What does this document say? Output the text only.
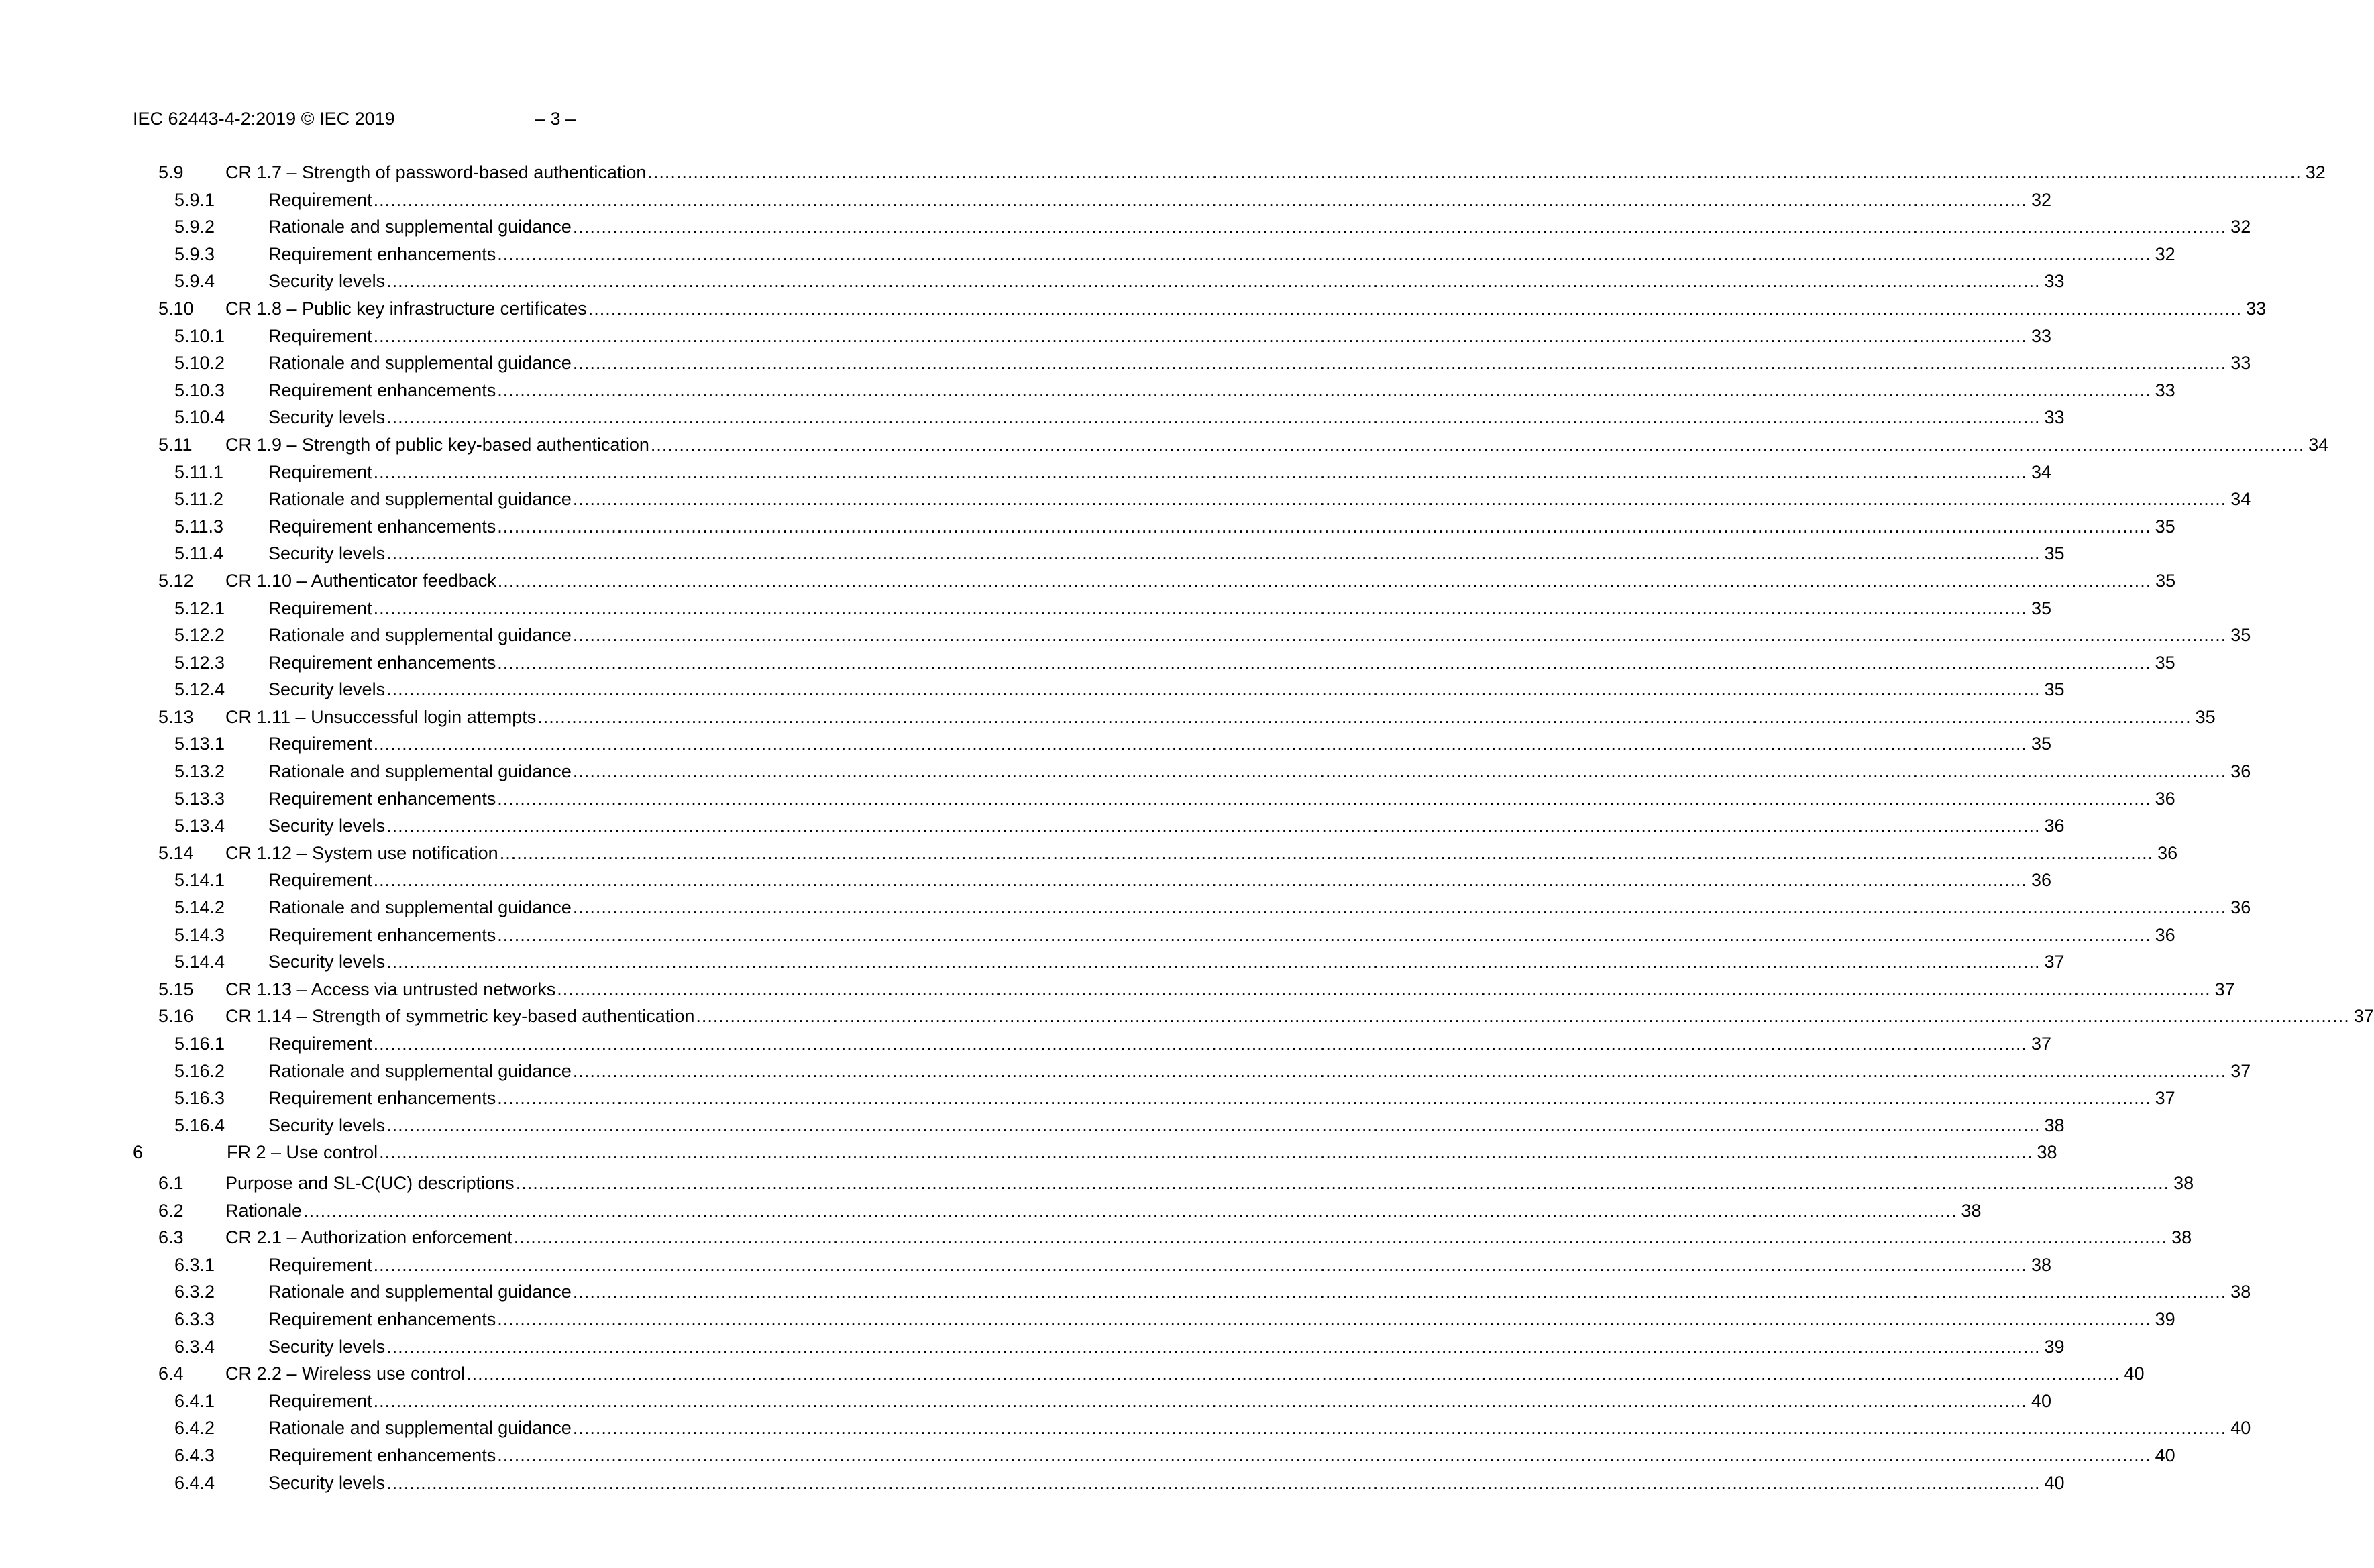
IEC 62443-4-2:2019 © IEC 2019	– 3 –
5.9	CR 1.7 – Strength of password-based authentication .....	32
5.9.1	Requirement .....	32
5.9.2	Rationale and supplemental guidance .....	32
5.9.3	Requirement enhancements .....	32
5.9.4	Security levels .....	33
5.10	CR 1.8 – Public key infrastructure certificates .....	33
5.10.1	Requirement .....	33
5.10.2	Rationale and supplemental guidance .....	33
5.10.3	Requirement enhancements .....	33
5.10.4	Security levels .....	33
5.11	CR 1.9 – Strength of public key-based authentication .....	34
5.11.1	Requirement .....	34
5.11.2	Rationale and supplemental guidance .....	34
5.11.3	Requirement enhancements .....	35
5.11.4	Security levels .....	35
5.12	CR 1.10 – Authenticator feedback .....	35
5.12.1	Requirement .....	35
5.12.2	Rationale and supplemental guidance .....	35
5.12.3	Requirement enhancements .....	35
5.12.4	Security levels .....	35
5.13	CR 1.11 – Unsuccessful login attempts .....	35
5.13.1	Requirement .....	35
5.13.2	Rationale and supplemental guidance .....	36
5.13.3	Requirement enhancements .....	36
5.13.4	Security levels .....	36
5.14	CR 1.12 – System use notification .....	36
5.14.1	Requirement .....	36
5.14.2	Rationale and supplemental guidance .....	36
5.14.3	Requirement enhancements .....	36
5.14.4	Security levels .....	37
5.15	CR 1.13 – Access via untrusted networks .....	37
5.16	CR 1.14 – Strength of symmetric key-based authentication .....	37
5.16.1	Requirement .....	37
5.16.2	Rationale and supplemental guidance .....	37
5.16.3	Requirement enhancements .....	37
5.16.4	Security levels .....	38
6	FR 2 – Use control .....	38
6.1	Purpose and SL-C(UC) descriptions .....	38
6.2	Rationale .....	38
6.3	CR 2.1 – Authorization enforcement .....	38
6.3.1	Requirement .....	38
6.3.2	Rationale and supplemental guidance .....	38
6.3.3	Requirement enhancements .....	39
6.3.4	Security levels .....	39
6.4	CR 2.2 – Wireless use control .....	40
6.4.1	Requirement .....	40
6.4.2	Rationale and supplemental guidance .....	40
6.4.3	Requirement enhancements .....	40
6.4.4	Security levels .....	40
